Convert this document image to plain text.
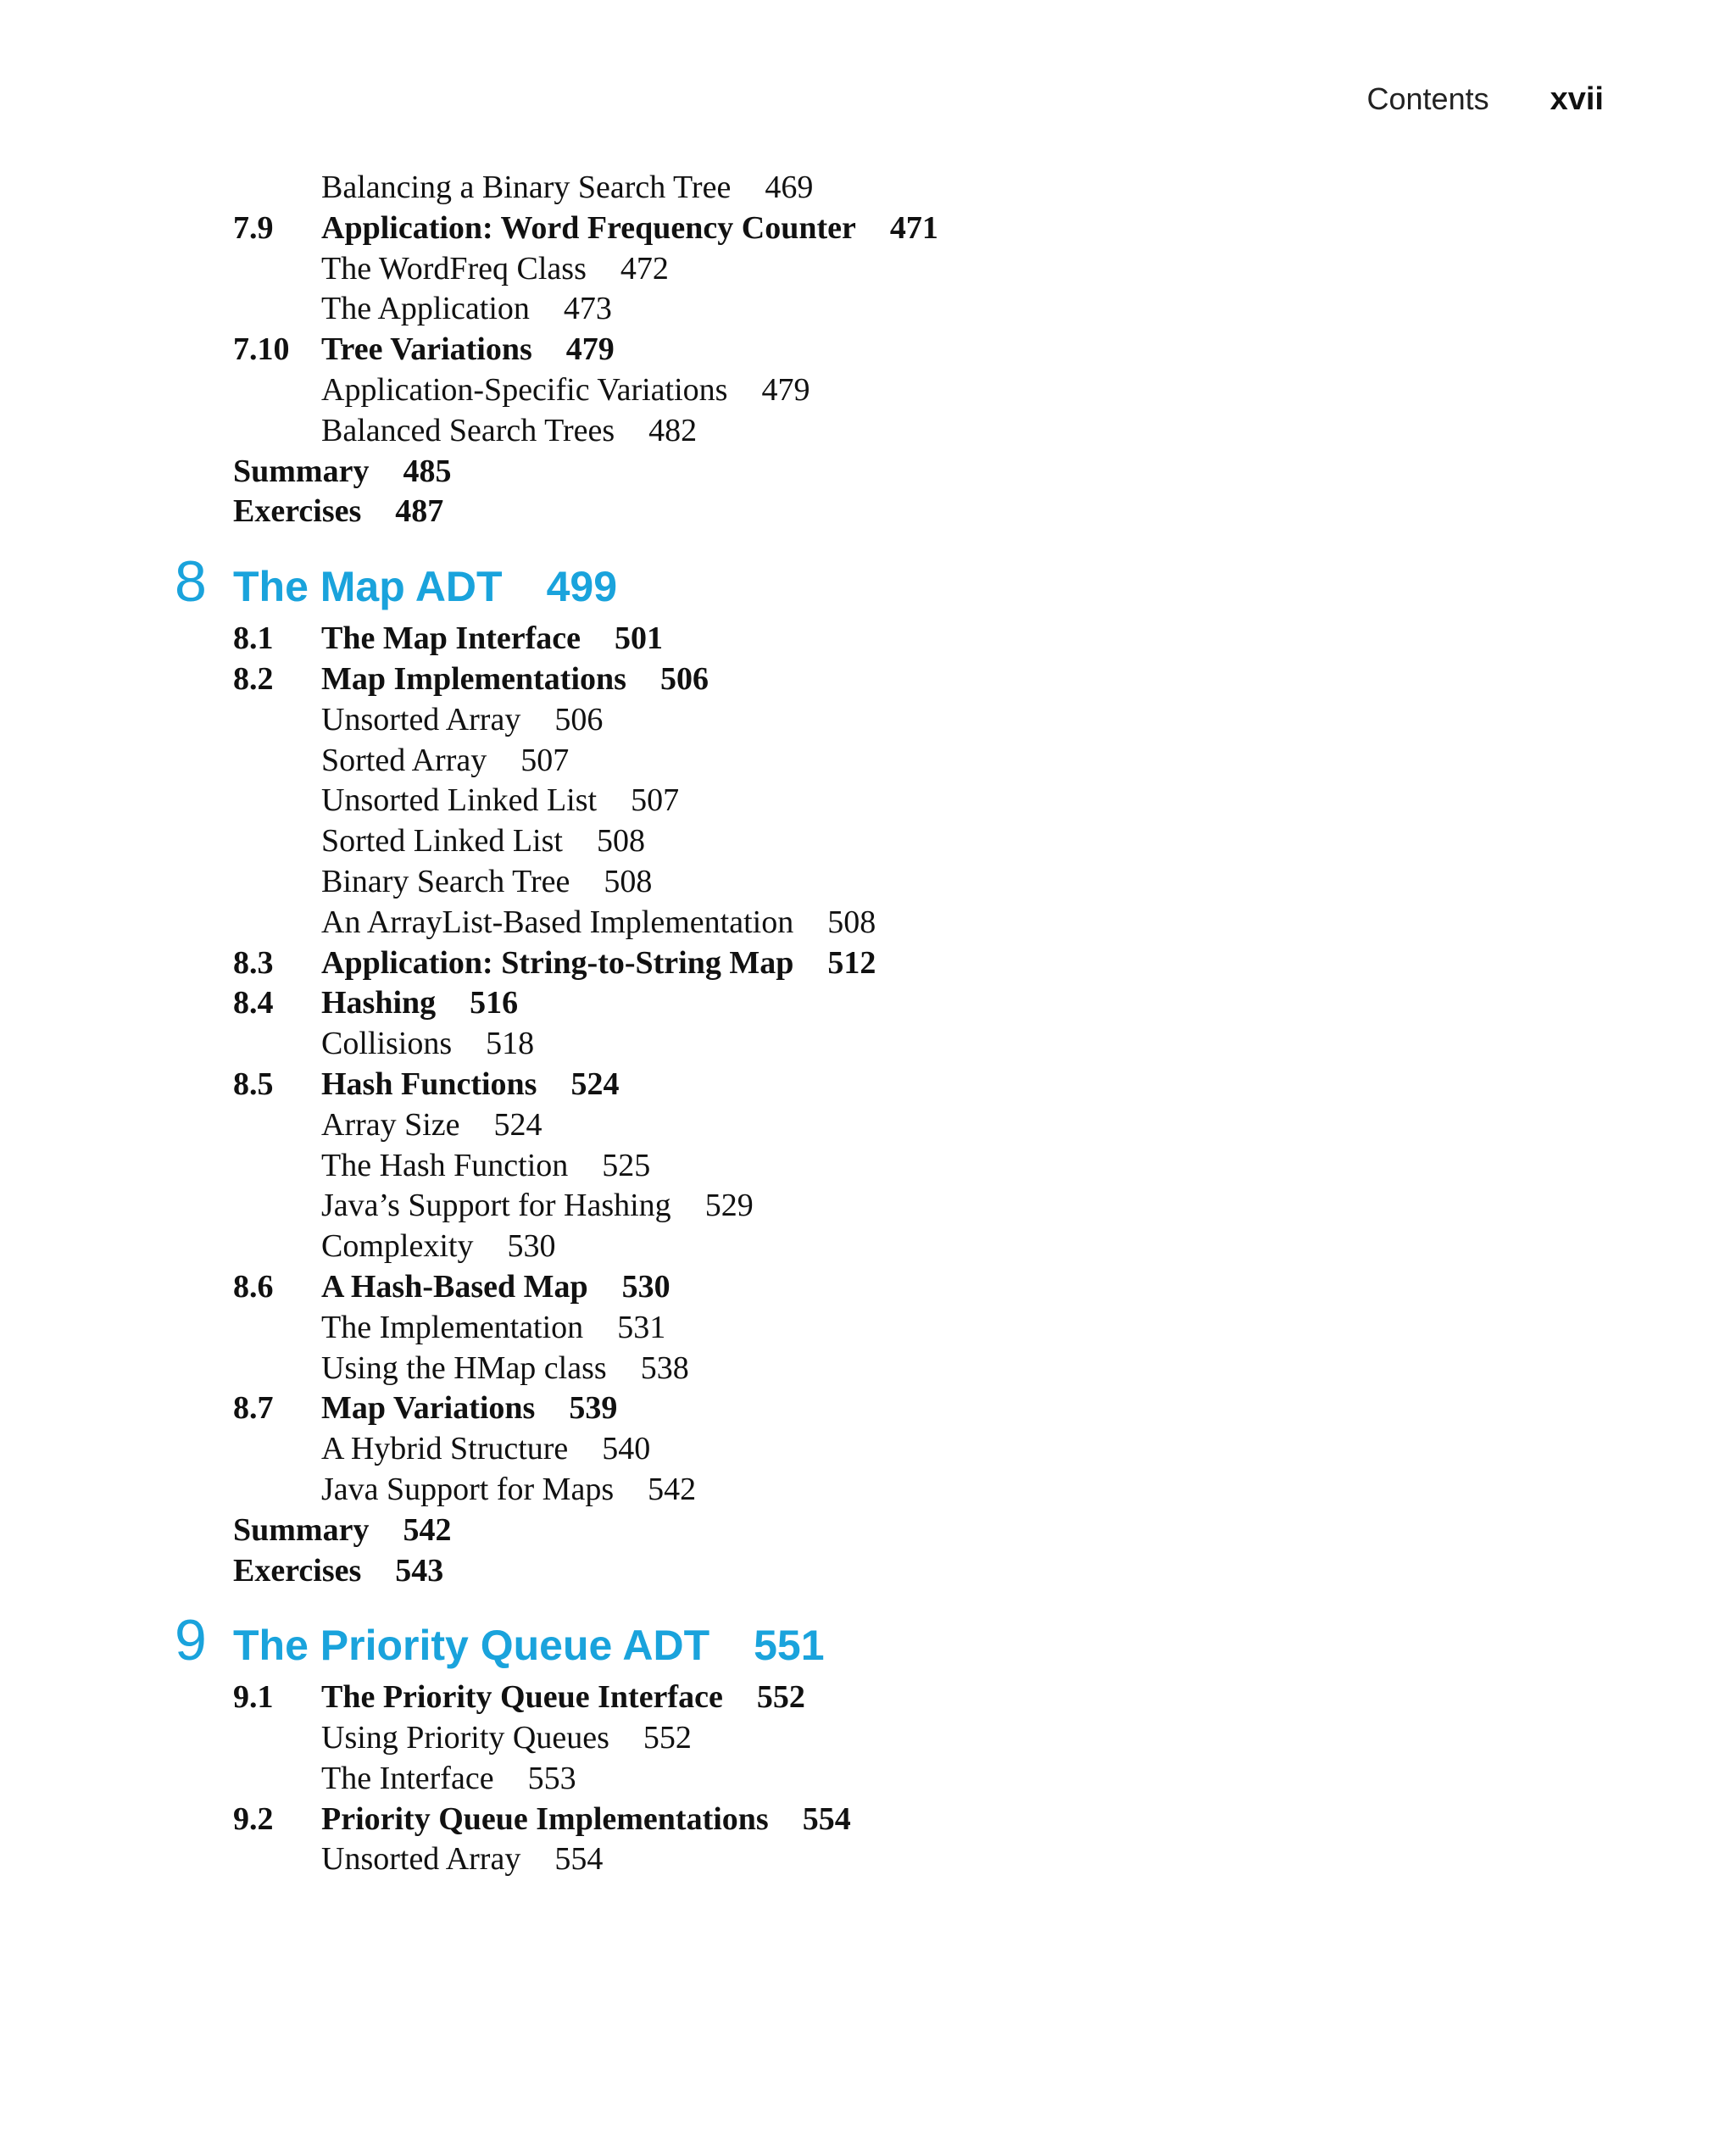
Contents xvii
Balancing a Binary Search Tree 469
7.9 Application: Word Frequency Counter 471
The WordFreq Class 472
The Application 473
7.10 Tree Variations 479
Application-Specific Variations 479
Balanced Search Trees 482
Summary 485
Exercises 487
8 The Map ADT 499
8.1 The Map Interface 501
8.2 Map Implementations 506
Unsorted Array 506
Sorted Array 507
Unsorted Linked List 507
Sorted Linked List 508
Binary Search Tree 508
An ArrayList-Based Implementation 508
8.3 Application: String-to-String Map 512
8.4 Hashing 516
Collisions 518
8.5 Hash Functions 524
Array Size 524
The Hash Function 525
Java’s Support for Hashing 529
Complexity 530
8.6 A Hash-Based Map 530
The Implementation 531
Using the HMap class 538
8.7 Map Variations 539
A Hybrid Structure 540
Java Support for Maps 542
Summary 542
Exercises 543
9 The Priority Queue ADT 551
9.1 The Priority Queue Interface 552
Using Priority Queues 552
The Interface 553
9.2 Priority Queue Implementations 554
Unsorted Array 554
